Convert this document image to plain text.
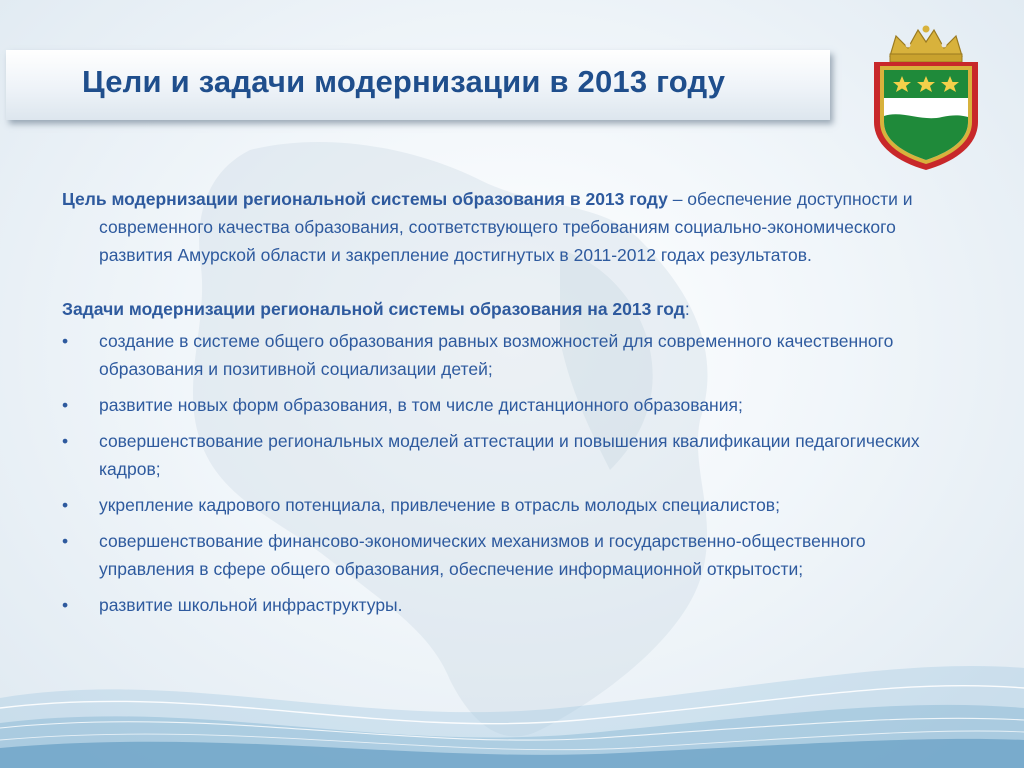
Цели и задачи модернизации в 2013 году

Цель модернизации региональной системы образования в 2013 году – обеспечение доступности и современного качества образования, соответствующего требованиям социально-экономического развития Амурской области и закрепление достигнутых в 2011-2012 годах результатов.

Задачи модернизации региональной системы образования на 2013 год:

• создание в системе общего образования равных возможностей для современного качественного образования и позитивной социализации детей;
• развитие новых форм образования, в том числе дистанционного образования;
• совершенствование региональных моделей аттестации и повышения квалификации педагогических кадров;
• укрепление кадрового потенциала, привлечение в отрасль молодых специалистов;
• совершенствование финансово-экономических механизмов и государственно-общественного управления в сфере общего образования, обеспечение информационной открытости;
• развитие школьной инфраструктуры.
